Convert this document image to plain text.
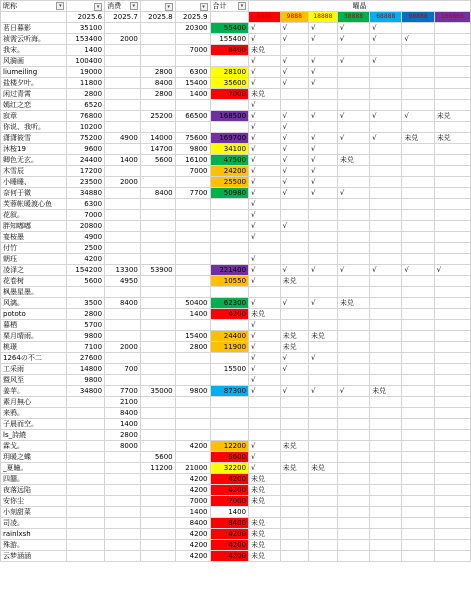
昵称 ▾	▾	消费 ▾	▾	▾	合计 ▾	曜晶						
	2025.6	2025.7	2025.8	2025.9		5888	9888	18888	38888	68888	98888	166666
茗日暮影	35100			20300	55400	√	√	√	√	√		
祯需云听海。	153400	2000			155400	√	√	√	√	√	√	
我宋。	1400			7000	8400	未兑						
风漪画	100400					√	√	√	√	√		
liumeiling	19000		2800	6300	28100	√	√	√				
盐楼夕叶。	11800		8400	15400	35600	√	√	√				
闲过青霄	2800		2800	1400	7000	未兑						
嫣红之恋	6520					√						
寂章	76800		25200	66500	168500	√	√	√	√	√	√	未兑
你说、我听。	10200					√	√					
潇潇筱雪	75200	4900	14000	75600	169700	√	√	√	√	√	未兑	未兑
沐桉19	9600		14700	9800	34100	√	√	√				
卿色无玄。	24400	1400	5600	16100	47500	√	√	√	未兑			
木雪辰	17200			7000	24200	√	√	√				
小睡睡、	23500	2000			25500	√	√	√				
奈何于微	34880		8400	7700	50980	√	√	√	√			
芙蓉帐暖渡心鱼	6300					√						
花叙。	7000					√						
胖知嘟嘟	20800					√	√					
宴桉墨	4900					√						
付竹	2500											
朝珏	4200					√						
凌泽之	154200	13300	53900		221400	√	√	√	√	√	√	√
花卷树	5600	4950			10550	√	未兑					
枫墨星墨。												
风漓。	3500	8400		50400	62300	√	√	√	未兑			
pototo	2800			1400	4200	未兑						
暮栖	5700					√						
栗月晴雨。	9800			15400	24400	√	未兑	未兑				
桃璟	7100	2000		2800	11900	√	未兑					
1264の不二	27600					√	√	√				
工采雨	14800	700			15500	√	√					
暨风至	9800					√						
姜苹。	34800	7700	35000	9800	87300	√	√	√	√	未兑		
素月無心		2100										
来鸦。		8400										
子晨而空。		1400										
ls_詩繞		2800										
霖戈。		8000		4200	12200	√	未兑					
玥暖之蝶			5600		5600	√						
_夏瞳。			11200	21000	32200	√	未兑	未兑				
四囍。				4200	4200	未兑						
夜落远陷				4200	4200	未兑						
安你尘				7000	7000	未兑						
小刻甜菜				1400	1400							
司凌。				8400	8400	未兑						
rainlxsh				4200	4200	未兑						
殊游。				4200	4200	未兑						
云梦涵涵				4200	4200	未兑						
